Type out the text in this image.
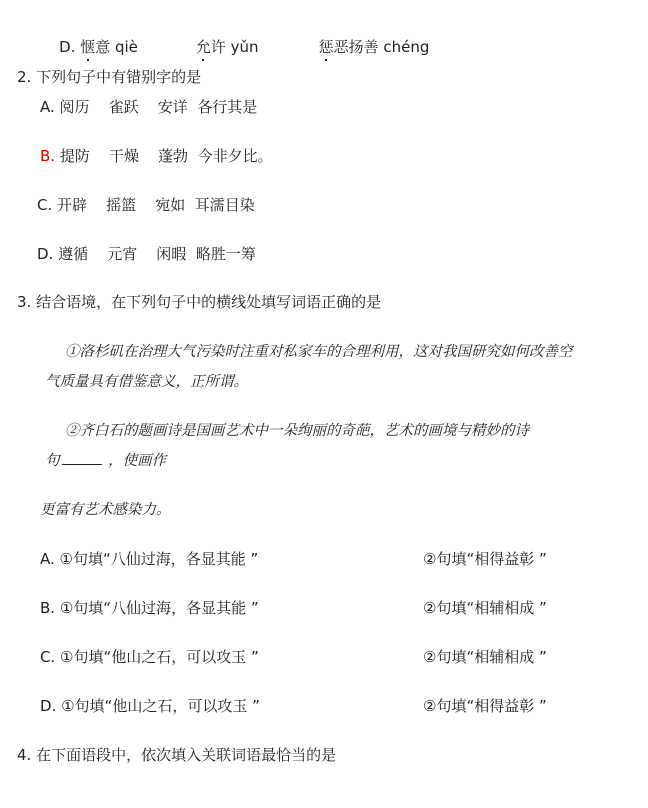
D. 惬意 qiè	允许 yǔn	惩恶扬善 chéng

2. 下列句子中有错别字的是
A. 阅历 雀跃 安详 各行其是
B. 提防 干燥 蓬勃 今非夕比。
C. 开辟 摇篮 宛如 耳濡目染
D. 遵循 元宵 闲暇 略胜一筹
3. 结合语境，在下列句子中的横线处填写词语正确的是
①洛杉矶在治理大气污染时注重对私家车的合理利用，这对我国研究如何改善空
气质量具有借鉴意义，正所谓。
②齐白石的题画诗是国画艺术中一朵绚丽的奇葩，艺术的画境与精妙的诗
句	，使画作
更富有艺术感染力。
A. ①句填“八仙过海，各显其能 ”	②句填“相得益彰 ”
B. ①句填“八仙过海，各显其能 ”	②句填“相辅相成 ”
C. ①句填“他山之石，可以攻玉 ”	②句填“相辅相成 ”
D. ①句填“他山之石，可以攻玉 ”	②句填“相得益彰 ”
4. 在下面语段中，依次填入关联词语最恰当的是
